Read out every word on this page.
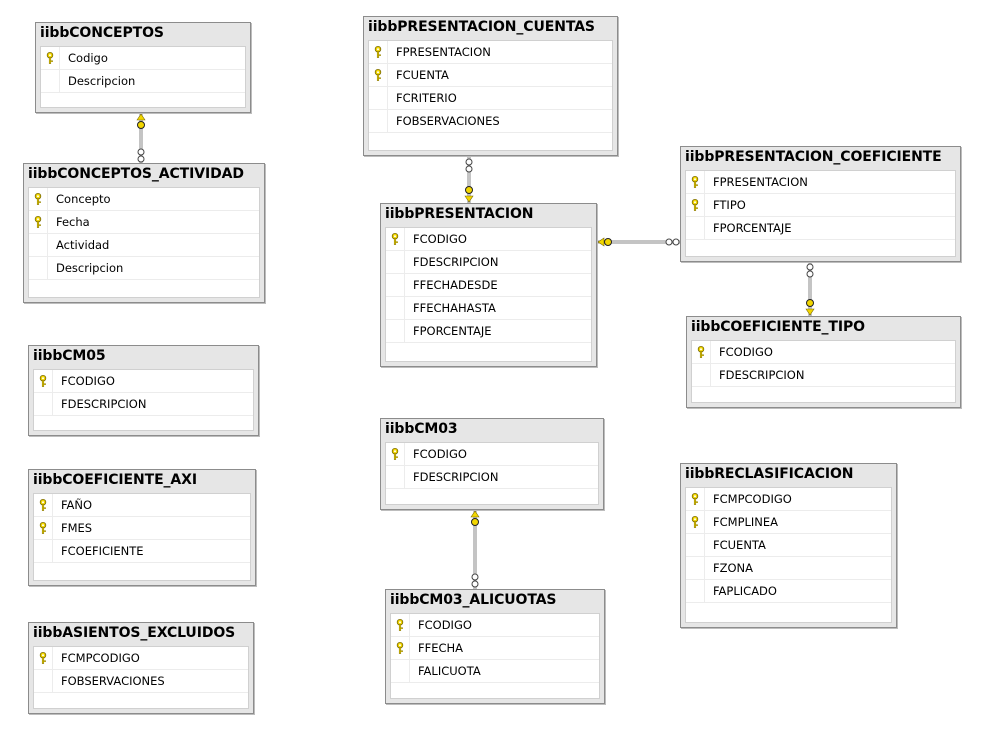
iibbCONCEPTOS
Codigo
Descripcion
iibbCONCEPTOS_ACTIVIDAD
Concepto
Fecha
Actividad
Descripcion
iibbCM05
FCODIGO
FDESCRIPCION
iibbCOEFICIENTE_AXI
FAÑO
FMES
FCOEFICIENTE
iibbASIENTOS_EXCLUIDOS
FCMPCODIGO
FOBSERVACIONES
iibbPRESENTACION_CUENTAS
FPRESENTACION
FCUENTA
FCRITERIO
FOBSERVACIONES
iibbPRESENTACION
FCODIGO
FDESCRIPCION
FFECHADESDE
FFECHAHASTA
FPORCENTAJE
iibbCM03
FCODIGO
FDESCRIPCION
iibbCM03_ALICUOTAS
FCODIGO
FFECHA
FALICUOTA
iibbPRESENTACION_COEFICIENTE
FPRESENTACION
FTIPO
FPORCENTAJE
iibbCOEFICIENTE_TIPO
FCODIGO
FDESCRIPCION
iibbRECLASIFICACION
FCMPCODIGO
FCMPLINEA
FCUENTA
FZONA
FAPLICADO
